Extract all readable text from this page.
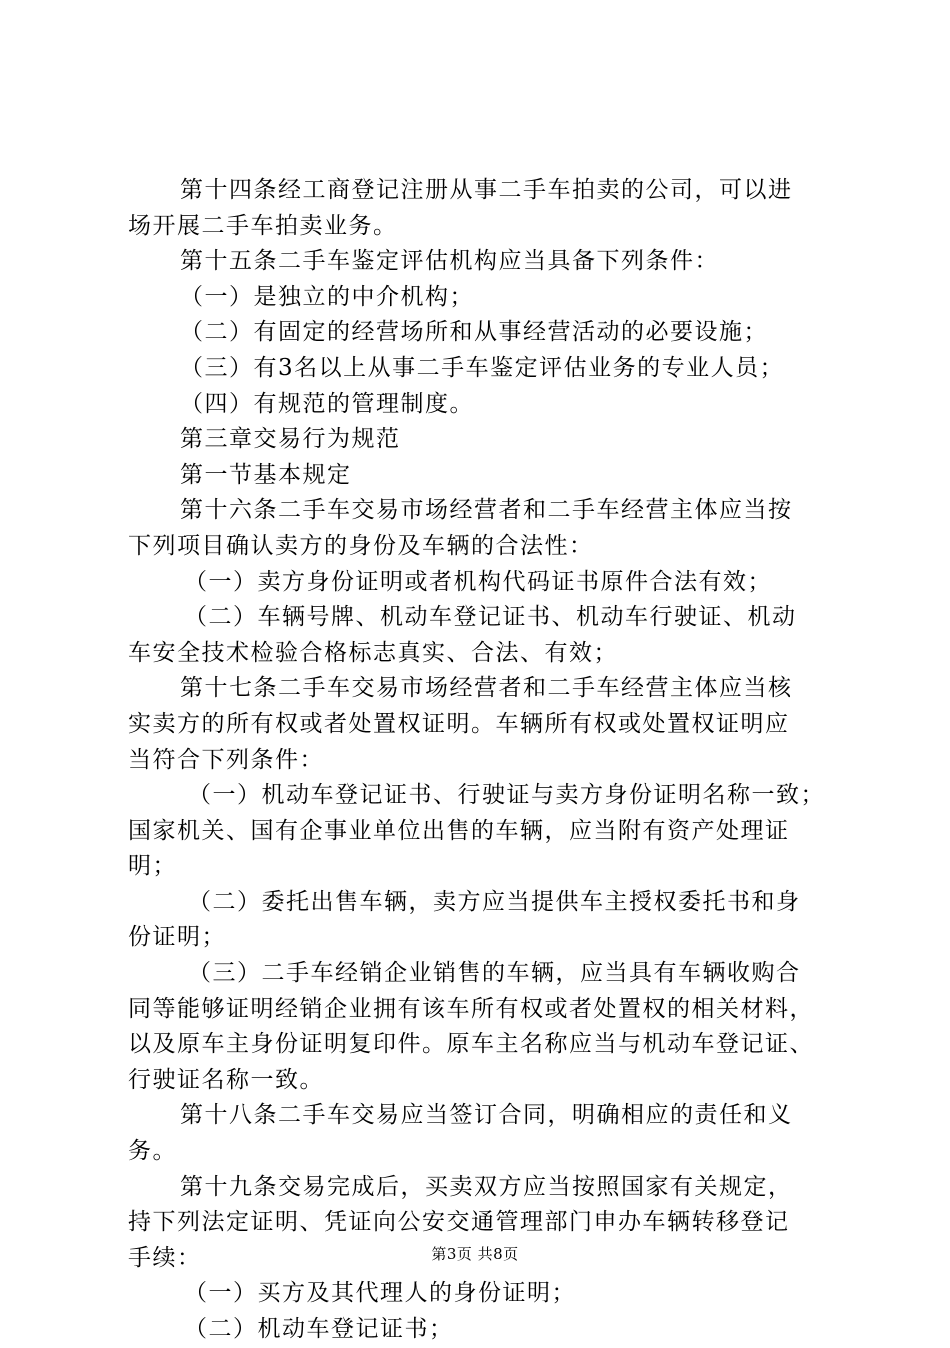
第十四条经工商登记注册从事二手车拍卖的公司，可以进
场开展二手车拍卖业务。
第十五条二手车鉴定评估机构应当具备下列条件：
（一）是独立的中介机构；
（二）有固定的经营场所和从事经营活动的必要设施；
（三）有3名以上从事二手车鉴定评估业务的专业人员；
（四）有规范的管理制度。
第三章交易行为规范
第一节基本规定
第十六条二手车交易市场经营者和二手车经营主体应当按
下列项目确认卖方的身份及车辆的合法性：
（一）卖方身份证明或者机构代码证书原件合法有效；
（二）车辆号牌、机动车登记证书、机动车行驶证、机动
车安全技术检验合格标志真实、合法、有效；
第十七条二手车交易市场经营者和二手车经营主体应当核
实卖方的所有权或者处置权证明。车辆所有权或处置权证明应
当符合下列条件：
（一）机动车登记证书、行驶证与卖方身份证明名称一致；
国家机关、国有企事业单位出售的车辆，应当附有资产处理证
明；
（二）委托出售车辆，卖方应当提供车主授权委托书和身
份证明；
（三）二手车经销企业销售的车辆，应当具有车辆收购合
同等能够证明经销企业拥有该车所有权或者处置权的相关材料，
以及原车主身份证明复印件。原车主名称应当与机动车登记证、
行驶证名称一致。
第十八条二手车交易应当签订合同，明确相应的责任和义
务。
第十九条交易完成后，买卖双方应当按照国家有关规定，
持下列法定证明、凭证向公安交通管理部门申办车辆转移登记
手续：
（一）买方及其代理人的身份证明；
（二）机动车登记证书；
第3页 共8页
